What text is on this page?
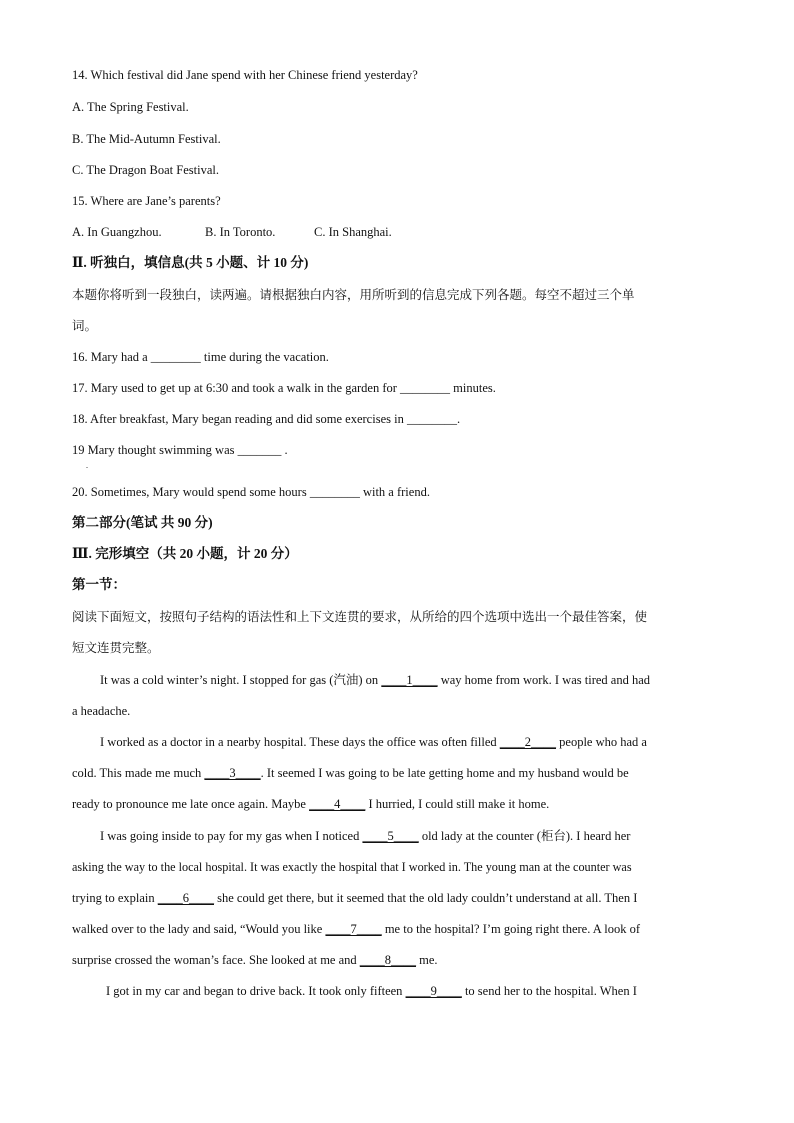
14. Which festival did Jane spend with her Chinese friend yesterday?
A. The Spring Festival.
B. The Mid-Autumn Festival.
C. The Dragon Boat Festival.
15. Where are Jane’s parents?
A. In Guangzhou.	B. In Toronto.	C. In Shanghai.
Ⅱ. 听独白，填信息(共 5 小题、计 10 分)
本题你将听到一段独白，读两遍。请根据独白内容，用所听到的信息完成下列各题。每空不超过三个单
词。
16. Mary had a ________ time during the vacation.
17. Mary used to get up at 6:30 and took a walk in the garden for ________ minutes.
18. After breakfast, Mary began reading and did some exercises in ________.
19 Mary thought swimming was _______ .
.
20. Sometimes, Mary would spend some hours ________ with a friend.
第二部分(笔试 共 90 分)
Ⅲ. 完形填空（共 20 小题，计 20 分）
第一节：
阅读下面短文，按照句子结构的语法性和上下文连贯的要求，从所给的四个选项中选出一个最佳答案，使
短文连贯完整。
It was a cold winter’s night. I stopped for gas (汽油) on ____1____ way home from work. I was tired and had
a headache.
I worked as a doctor in a nearby hospital. These days the office was often filled ____2____ people who had a
cold. This made me much ____3____. It seemed I was going to be late getting home and my husband would be
ready to pronounce me late once again. Maybe ____4____ I hurried, I could still make it home.
I was going inside to pay for my gas when I noticed ____5____ old lady at the counter (柜台). I heard her
asking the way to the local hospital. It was exactly the hospital that I worked in. The young man at the counter was
trying to explain ____6____ she could get there, but it seemed that the old lady couldn’t understand at all. Then I
walked over to the lady and said, “Would you like ____7____ me to the hospital? I’m going right there. A look of
surprise crossed the woman’s face. She looked at me and ____8____ me.
I got in my car and began to drive back. It took only fifteen ____9____ to send her to the hospital. When I
